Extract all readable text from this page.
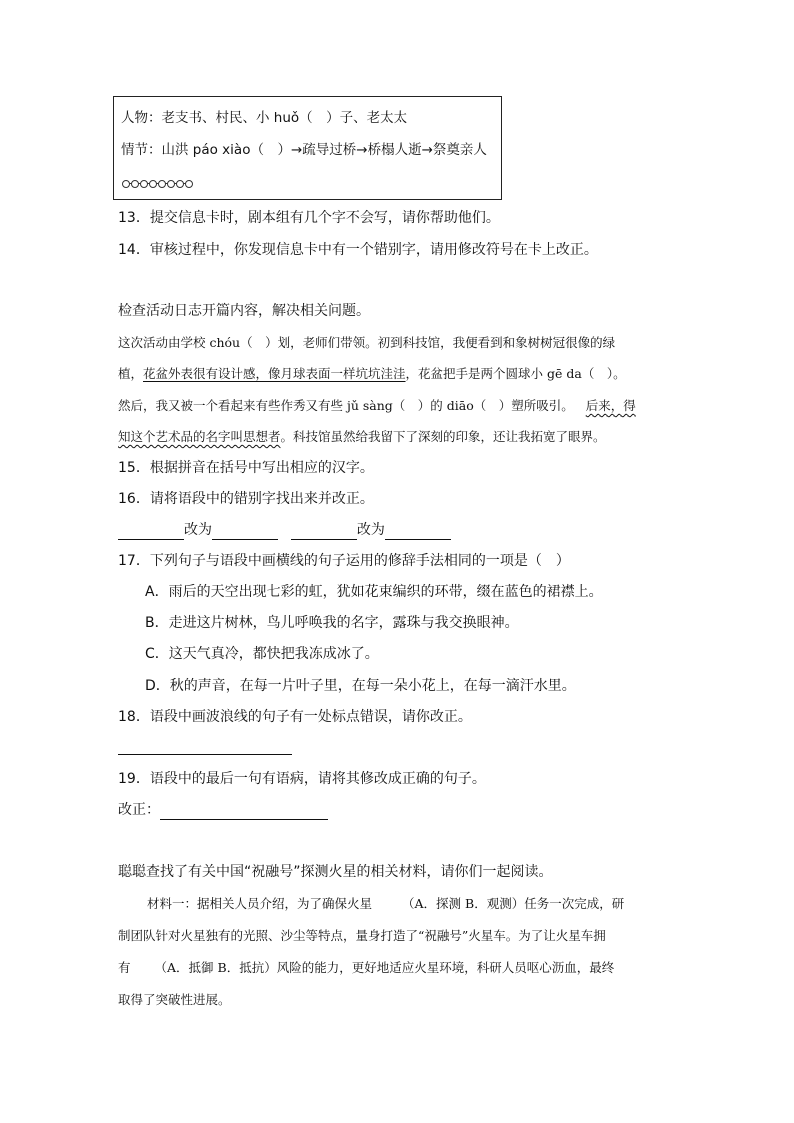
人物：老支书、村民、小 huǒ（　）子、老太太
情节：山洪 páo xiào（　）→疏导过桥→桥榻人逝→祭奠亲人
13．提交信息卡时，剧本组有几个字不会写，请你帮助他们。
14．审核过程中，你发现信息卡中有一个错别字，请用修改符号在卡上改正。
检查活动日志开篇内容，解决相关问题。
这次活动由学校 chóu（　）划，老师们带领。初到科技馆，我便看到和象树树冠很像的绿
植，花盆外表很有设计感，像月球表面一样坑坑洼洼，花盆把手是两个圆球小 gē da（　）。
然后，我又被一个看起来有些作秀又有些 jǔ sàng（　）的 diāo（　）塑所吸引。 后来，得
知这个艺术品的名字叫思想者。科技馆虽然给我留下了深刻的印象，还让我拓宽了眼界。
15．根据拼音在括号中写出相应的汉字。
16．请将语段中的错别字找出来并改正。
改为	改为
17．下列句子与语段中画横线的句子运用的修辞手法相同的一项是（　）
A．雨后的天空出现七彩的虹，犹如花束编织的环带，缀在蓝色的裙襟上。
B．走进这片树林，鸟儿呼唤我的名字，露珠与我交换眼神。
C．这天气真冷，都快把我冻成冰了。
D．秋的声音，在每一片叶子里，在每一朵小花上，在每一滴汗水里。
18．语段中画波浪线的句子有一处标点错误，请你改正。
19．语段中的最后一句有语病，请将其修改成正确的句子。
改正：
聪聪查找了有关中国“祝融号”探测火星的相关材料，请你们一起阅读。
材料一：据相关人员介绍，为了确保火星 （A．探测 B．观测）任务一次完成，研
制团队针对火星独有的光照、沙尘等特点，量身打造了“祝融号”火星车。为了让火星车拥
有 （A．抵御 B．抵抗）风险的能力，更好地适应火星环境，科研人员呕心沥血，最终
取得了突破性进展。
